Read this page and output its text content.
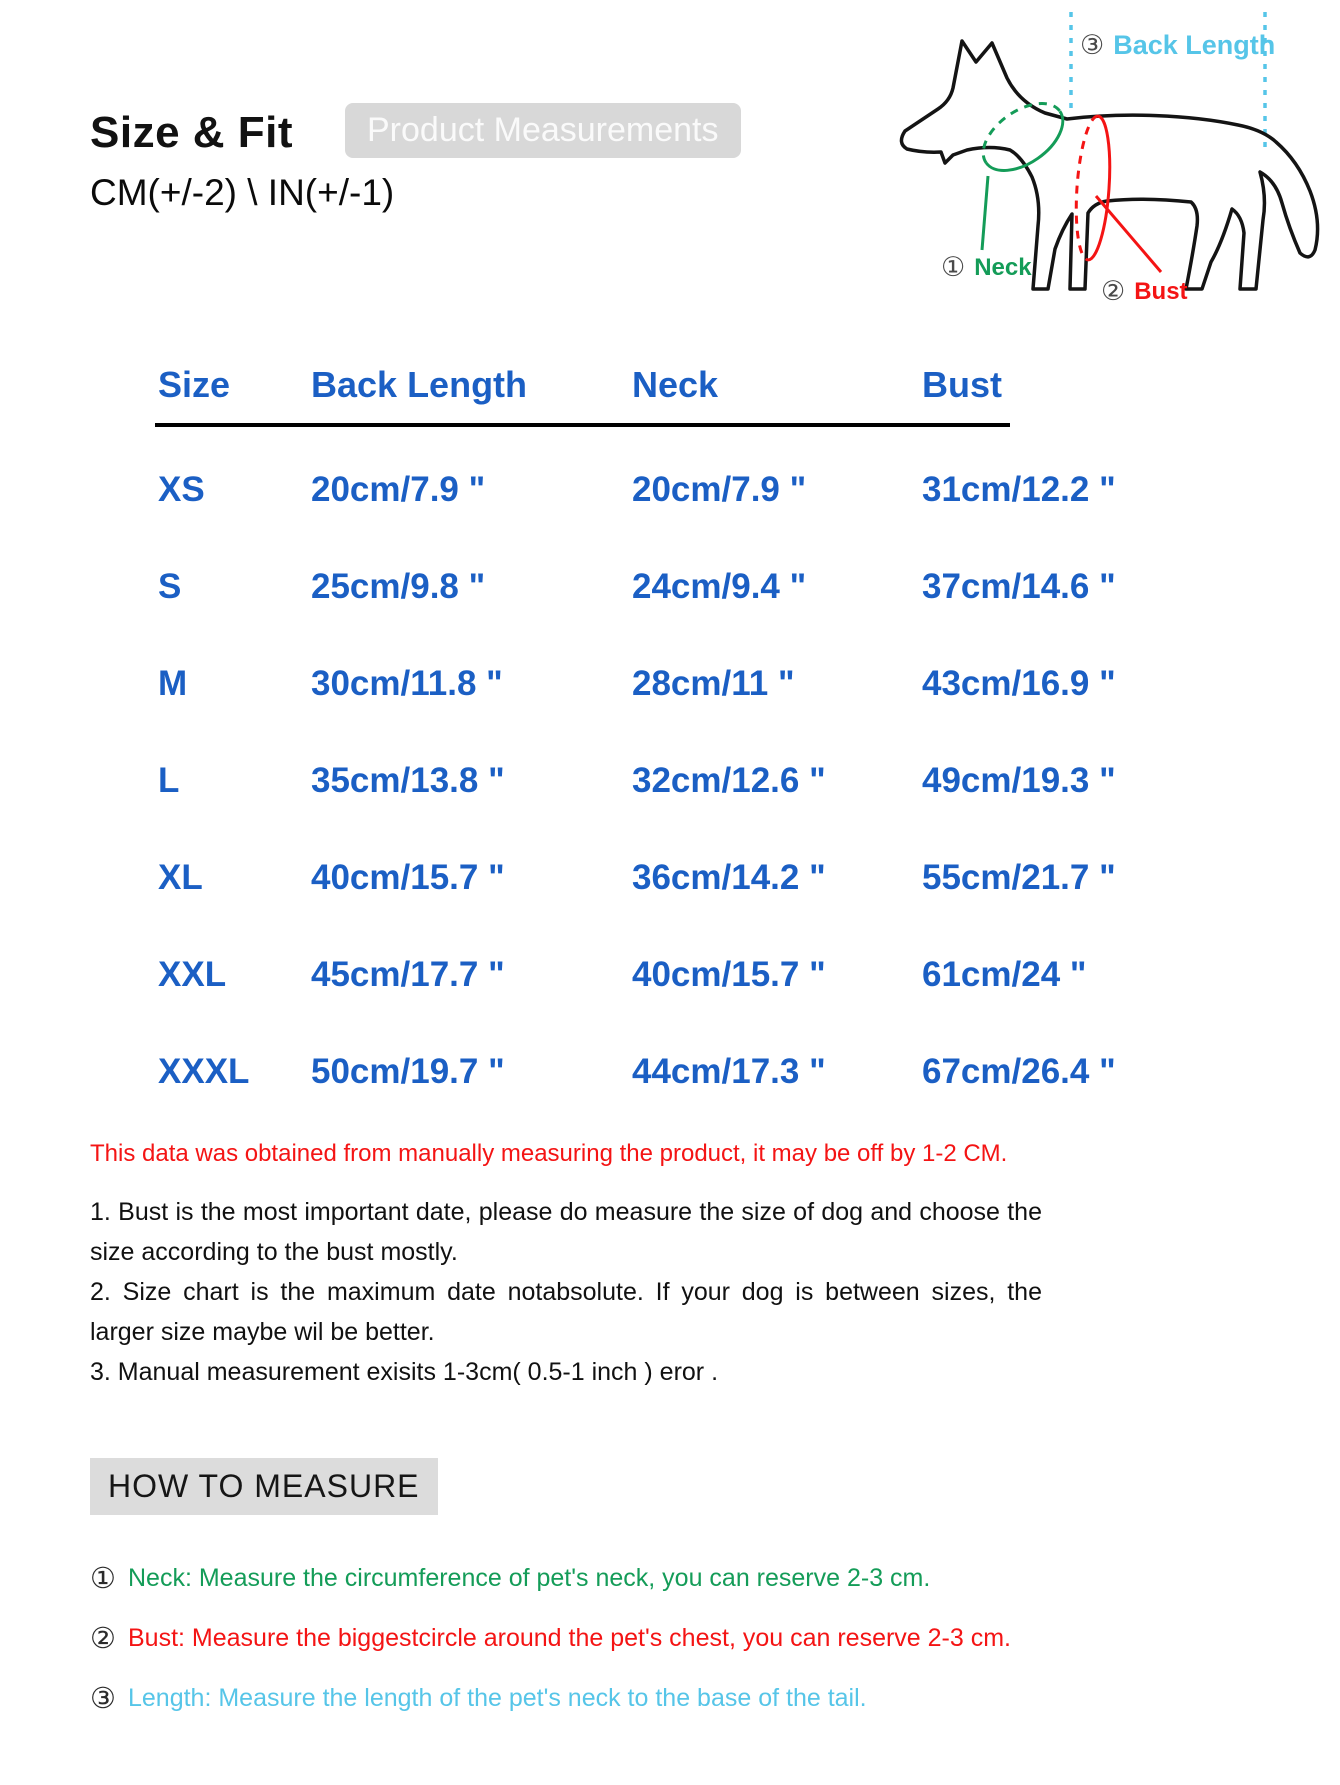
Size & Fit	Product Measurements
CM(+/-2) \ IN(+/-1)
③ Back Length
① Neck
② Bust
Size	Back Length	Neck	Bust
XS	20cm/7.9 "	20cm/7.9 "	31cm/12.2 "
S	25cm/9.8 "	24cm/9.4 "	37cm/14.6 "
M	30cm/11.8 "	28cm/11 "	43cm/16.9 "
L	35cm/13.8 "	32cm/12.6 "	49cm/19.3 "
XL	40cm/15.7 "	36cm/14.2 "	55cm/21.7 "
XXL	45cm/17.7 "	40cm/15.7 "	61cm/24 "
XXXL	50cm/19.7 "	44cm/17.3 "	67cm/26.4 "

This data was obtained from manually measuring the product, it may be off by 1-2 CM.

1. Bust is the most important date, please do measure the size of dog and choose the size according to the bust mostly.

2. Size chart is the maximum date notabsolute. If your dog is between sizes, the larger size maybe wil be better.

3. Manual measurement exisits 1-3cm( 0.5-1 inch ) eror .

HOW TO MEASURE
① Neck: Measure the circumference of pet's neck, you can reserve 2-3 cm.
② Bust: Measure the biggestcircle around the pet's chest, you can reserve 2-3 cm.
③ Length: Measure the length of the pet's neck to the base of the tail.
